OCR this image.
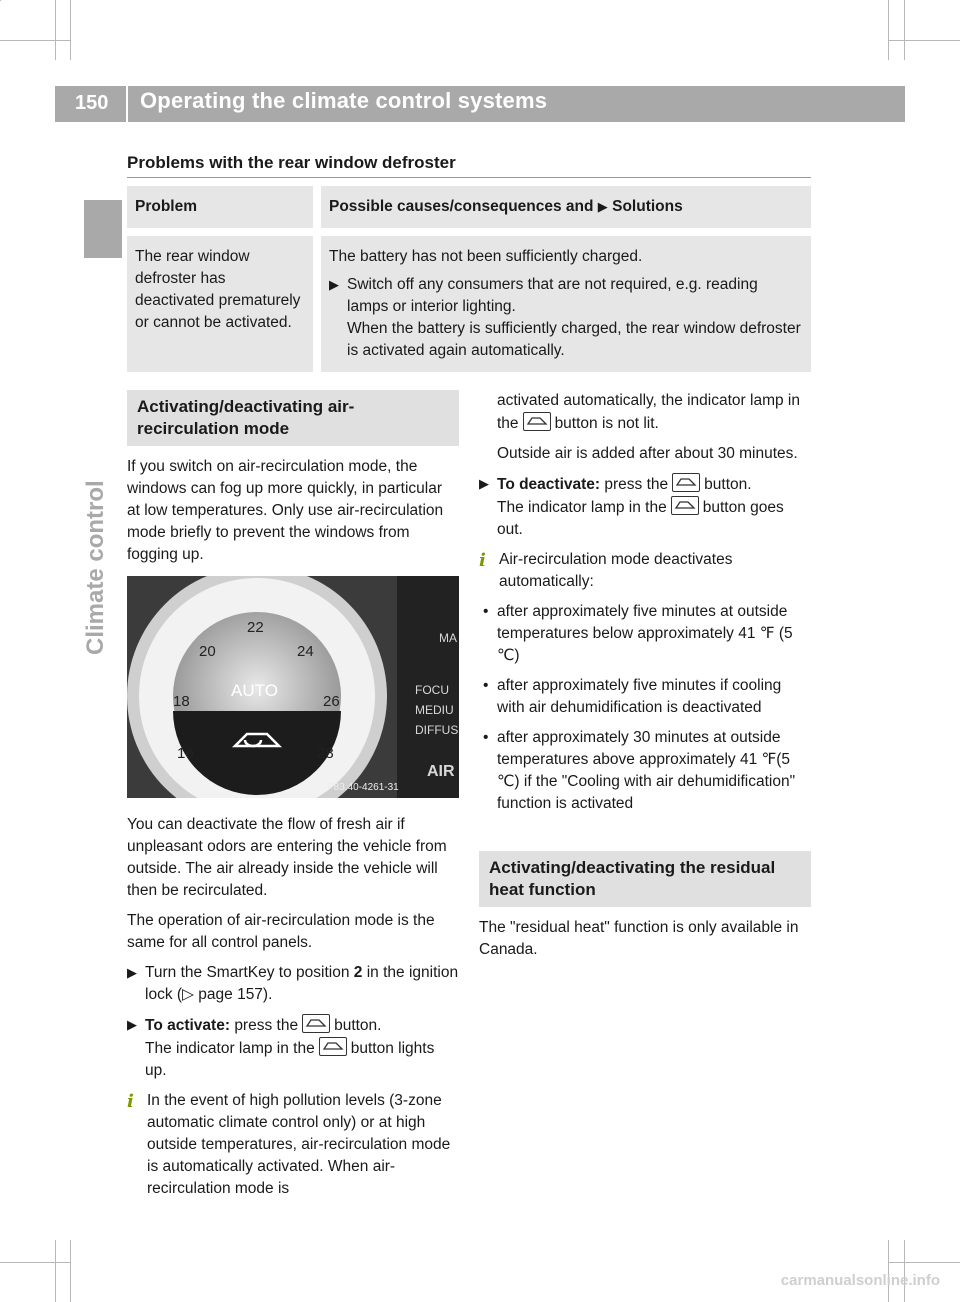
150 Operating the climate control systems
Climate control
Problems with the rear window defroster
Problem	Possible causes/consequences and ▶ Solutions
The rear window defroster has deactivated prematurely or cannot be activated.	The battery has not been sufficiently charged.
▶ Switch off any consumers that are not required, e.g. reading lamps or interior lighting.
When the battery is sufficiently charged, the rear window defroster is activated again automatically.
Activating/deactivating air-recirculation mode

If you switch on air-recirculation mode, the windows can fog up more quickly, in particular at low temperatures. Only use air-recirculation mode briefly to prevent the windows from fogging up.

22
20	24
18	26
16	28
AUTO
MA
FOCU
MEDIU
DIFFUS
AIR
P83.40-4261-31

You can deactivate the flow of fresh air if unpleasant odors are entering the vehicle from outside. The air already inside the vehicle will then be recirculated.

The operation of air-recirculation mode is the same for all control panels.

▶ Turn the SmartKey to position 2 in the ignition lock (▷ page 157).
▶ To activate: press the button.
The indicator lamp in the button lights up.
i In the event of high pollution levels (3-zone automatic climate control only) or at high outside temperatures, air-recirculation mode is automatically activated. When air-recirculation mode is

activated automatically, the indicator lamp in the button is not lit.

Outside air is added after about 30 minutes.

▶ To deactivate: press the button.
The indicator lamp in the button goes out.
i Air-recirculation mode deactivates automatically:
• after approximately five minutes at outside temperatures below approximately 41 ℉ (5 ℃)
• after approximately five minutes if cooling with air dehumidification is deactivated
• after approximately 30 minutes at outside temperatures above approximately 41 ℉(5 ℃) if the "Cooling with air dehumidification" function is activated
Activating/deactivating the residual heat function

The "residual heat" function is only available in Canada.

carmanualsonline.info
